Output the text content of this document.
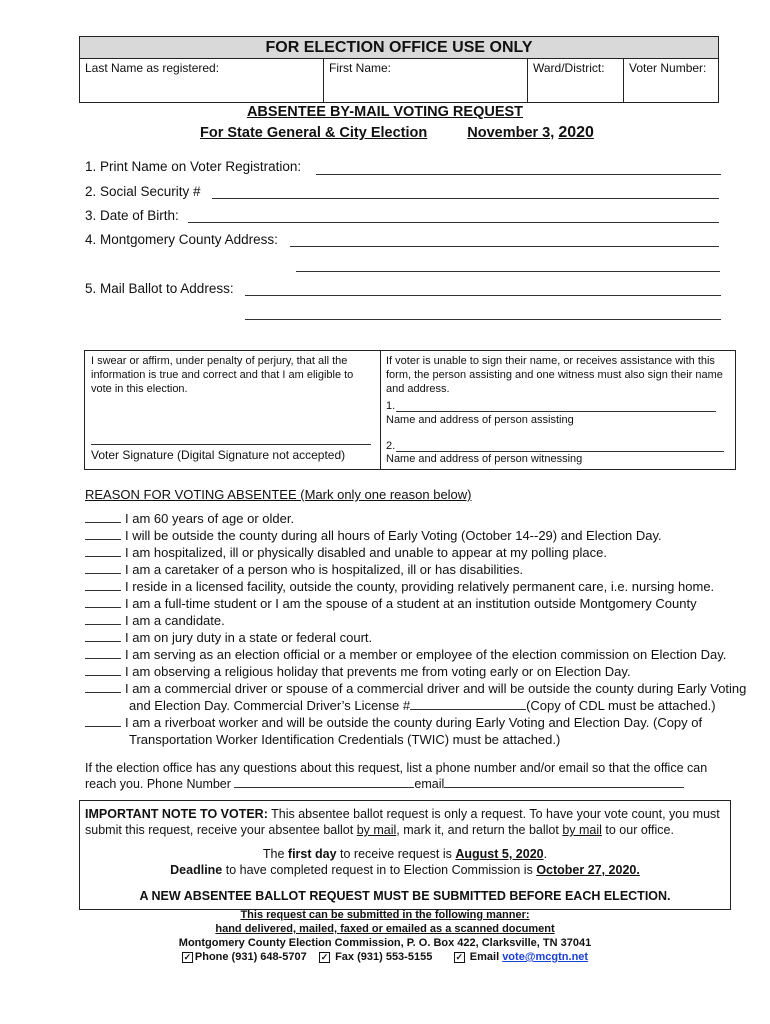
FOR ELECTION OFFICE USE ONLY
Last Name as registered:	First Name:	Ward/District:	Voter Number:
ABSENTEE BY-MAIL VOTING REQUEST
For State General & City Election	November 3, 2020
1. Print Name on Voter Registration:
2. Social Security #
3. Date of Birth:
4. Montgomery County Address:
5. Mail Ballot to Address:
I swear or affirm, under penalty of perjury, that all the information is true and correct and that I am eligible to vote in this election.
Voter Signature (Digital Signature not accepted)
If voter is unable to sign their name, or receives assistance with this form, the person assisting and one witness must also sign their name and address.
1.
Name and address of person assisting
2.
Name and address of person witnessing
REASON FOR VOTING ABSENTEE (Mark only one reason below)
I am 60 years of age or older.
I will be outside the county during all hours of Early Voting (October 14--29) and Election Day.
I am hospitalized, ill or physically disabled and unable to appear at my polling place.
I am a caretaker of a person who is hospitalized, ill or has disabilities.
I reside in a licensed facility, outside the county, providing relatively permanent care, i.e. nursing home.
I am a full-time student or I am the spouse of a student at an institution outside Montgomery County
I am a candidate.
I am on jury duty in a state or federal court.
I am serving as an election official or a member or employee of the election commission on Election Day.
I am observing a religious holiday that prevents me from voting early or on Election Day.
I am a commercial driver or spouse of a commercial driver and will be outside the county during Early Voting
and Election Day. Commercial Driver’s License #	(Copy of CDL must be attached.)
I am a riverboat worker and will be outside the county during Early Voting and Election Day. (Copy of
Transportation Worker Identification Credentials (TWIC) must be attached.)
If the election office has any questions about this request, list a phone number and/or email so that the office can
reach you. Phone Number	email
IMPORTANT NOTE TO VOTER: This absentee ballot request is only a request. To have your vote count, you must
submit this request, receive your absentee ballot by mail, mark it, and return the ballot by mail to our office.
The first day to receive request is August 5, 2020.
Deadline to have completed request in to Election Commission is October 27, 2020.
A NEW ABSENTEE BALLOT REQUEST MUST BE SUBMITTED BEFORE EACH ELECTION.
This request can be submitted in the following manner:
hand delivered, mailed, faxed or emailed as a scanned document
Montgomery County Election Commission, P. O. Box 422, Clarksville, TN 37041
✓ Phone (931) 648-5707 ✓ Fax (931) 553-5155	✓ Email vote@mcgtn.net
